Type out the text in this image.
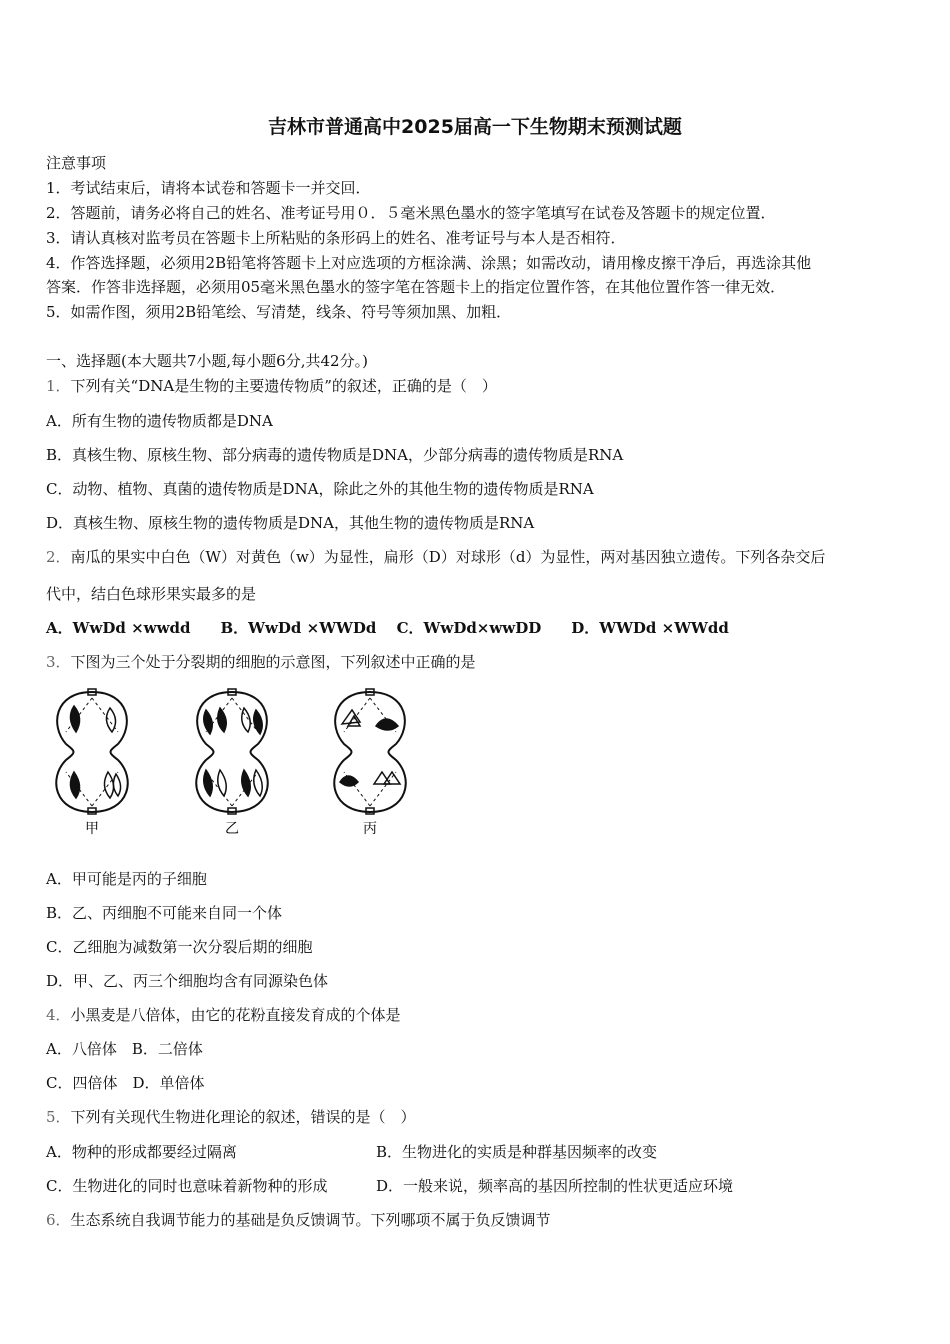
吉林市普通高中2025届高一下生物期末预测试题
注意事项
1．考试结束后，请将本试卷和答题卡一并交回．
2．答题前，请务必将自己的姓名、准考证号用０．５毫米黑色墨水的签字笔填写在试卷及答题卡的规定位置．
3．请认真核对监考员在答题卡上所粘贴的条形码上的姓名、准考证号与本人是否相符．
4．作答选择题，必须用2B铅笔将答题卡上对应选项的方框涂满、涂黑；如需改动，请用橡皮擦干净后，再选涂其他
答案．作答非选择题，必须用05毫米黑色墨水的签字笔在答题卡上的指定位置作答，在其他位置作答一律无效．
5．如需作图，须用2B铅笔绘、写清楚，线条、符号等须加黑、加粗．
一、选择题(本大题共7小题,每小题6分,共42分。)
1．下列有关“DNA是生物的主要遗传物质”的叙述，正确的是（　）
A．所有生物的遗传物质都是DNA
B．真核生物、原核生物、部分病毒的遗传物质是DNA，少部分病毒的遗传物质是RNA
C．动物、植物、真菌的遗传物质是DNA，除此之外的其他生物的遗传物质是RNA
D．真核生物、原核生物的遗传物质是DNA，其他生物的遗传物质是RNA
2．南瓜的果实中白色（W）对黄色（w）为显性，扁形（D）对球形（d）为显性，两对基因独立遗传。下列各杂交后
代中，结白色球形果实最多的是
A．WwDd ×wwdd　　B．WwDd ×WWDd　 C．WwDd×wwDD　　D．WWDd ×WWdd
3．下图为三个处于分裂期的细胞的示意图，下列叙述中正确的是
甲	乙	丙
A．甲可能是丙的子细胞
B．乙、丙细胞不可能来自同一个体
C．乙细胞为减数第一次分裂后期的细胞
D．甲、乙、丙三个细胞均含有同源染色体
4．小黑麦是八倍体，由它的花粉直接发育成的个体是
A．八倍体　B．二倍体
C．四倍体　D．单倍体
5．下列有关现代生物进化理论的叙述，错误的是（　）
A．物种的形成都要经过隔离	B．生物进化的实质是种群基因频率的改变
C．生物进化的同时也意味着新物种的形成	D．一般来说，频率高的基因所控制的性状更适应环境
6．生态系统自我调节能力的基础是负反馈调节。下列哪项不属于负反馈调节
